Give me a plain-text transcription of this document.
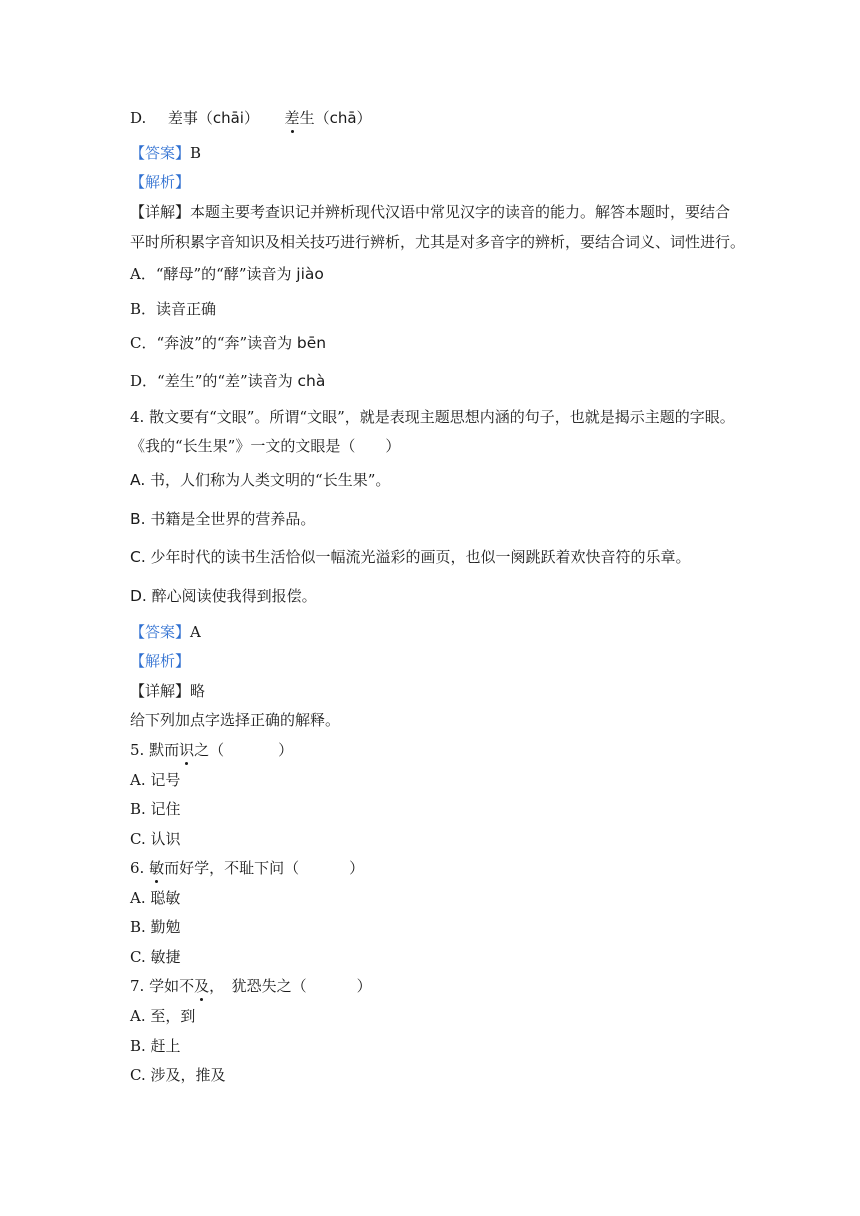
D. 差事（chāi） 差生（chā）
【答案】B
【解析】
【详解】本题主要考查识记并辨析现代汉语中常见汉字的读音的能力。解答本题时，要结合
平时所积累字音知识及相关技巧进行辨析，尤其是对多音字的辨析，要结合词义、词性进行。
A．“酵母”的“酵”读音为 jiào
B．读音正确
C．“奔波”的“奔”读音为 bēn
D．“差生”的“差”读音为 chà
4. 散文要有“文眼”。所谓“文眼”，就是表现主题思想内涵的句子，也就是揭示主题的字眼。
《我的“长生果”》一文的文眼是（　　）
A. 书，人们称为人类文明的“长生果”。
B. 书籍是全世界的营养品。
C. 少年时代的读书生活恰似一幅流光溢彩的画页，也似一阕跳跃着欢快音符的乐章。
D. 醉心阅读使我得到报偿。
【答案】A
【解析】
【详解】略
给下列加点字选择正确的解释。
5. 默而识之（	）
A. 记号
B. 记住
C. 认识
6. 敏而好学，不耻下问（	）
A. 聪敏
B. 勤勉
C. 敏捷
7. 学如不及，　犹恐失之（	）
A. 至，到
B. 赶上
C. 涉及，推及
